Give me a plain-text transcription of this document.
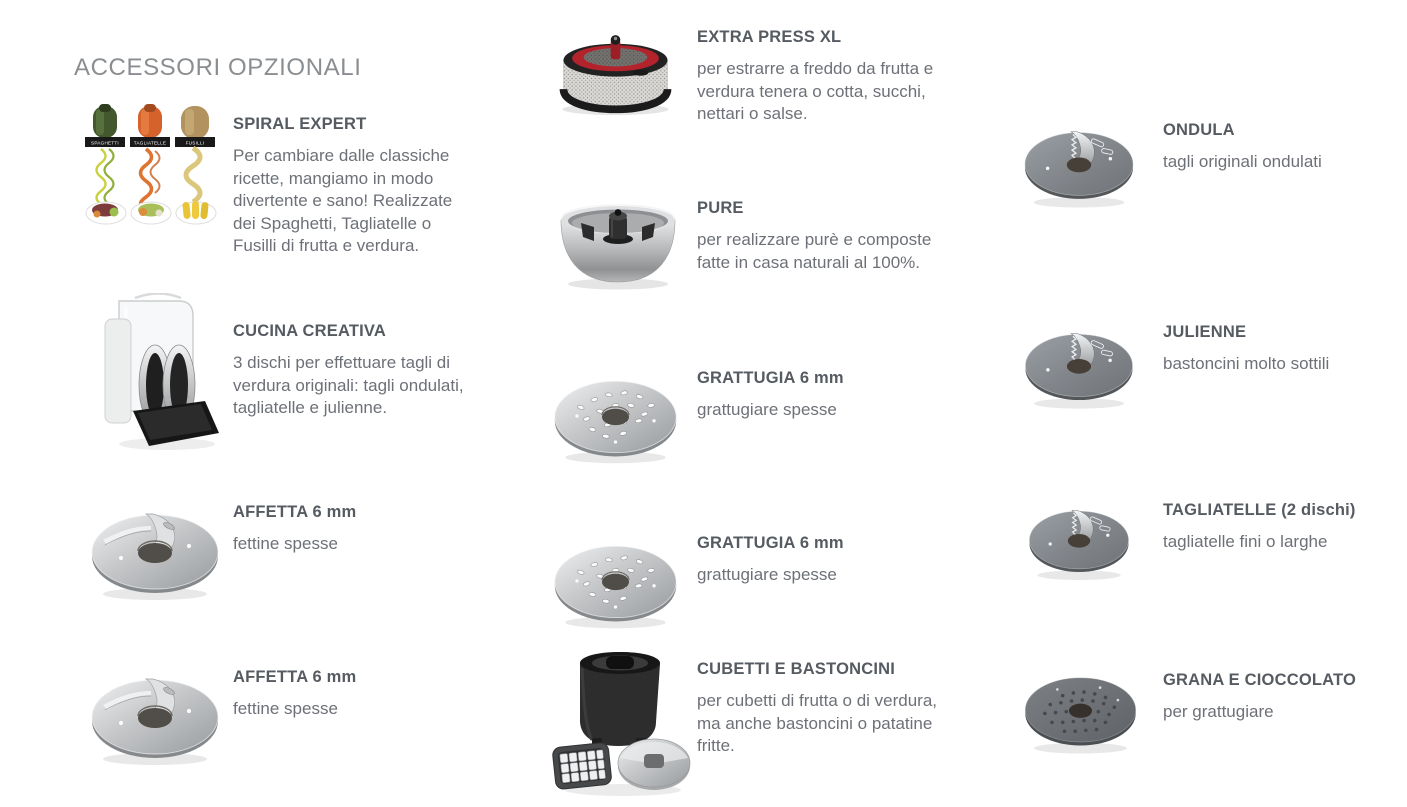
ACCESSORI OPZIONALI
SPAGHETTI	TAGLIATELLE	FUSILLI
SPIRAL EXPERT

Per cambiare dalle classiche ricette, mangiamo in modo divertente e sano! Realizzate dei Spaghetti, Tagliatelle o Fusilli di frutta e verdura.

CUCINA CREATIVA

3 dischi per effettuare tagli di verdura originali: tagli ondulati, tagliatelle e julienne.

AFFETTA 6 mm

fettine spesse

AFFETTA 6 mm

fettine spesse

EXTRA PRESS XL

per estrarre a freddo da frutta e verdura tenera o cotta, succhi, nettari o salse.

PURE

per realizzare purè e composte fatte in casa naturali al 100%.

GRATTUGIA 6 mm

grattugiare spesse

GRATTUGIA 6 mm

grattugiare spesse

CUBETTI E BASTONCINI

per cubetti di frutta o di verdura, ma anche bastoncini o patatine fritte.

ONDULA

tagli originali ondulati

JULIENNE

bastoncini molto sottili

TAGLIATELLE (2 dischi)

tagliatelle fini o larghe

GRANA E CIOCCOLATO

per grattugiare
